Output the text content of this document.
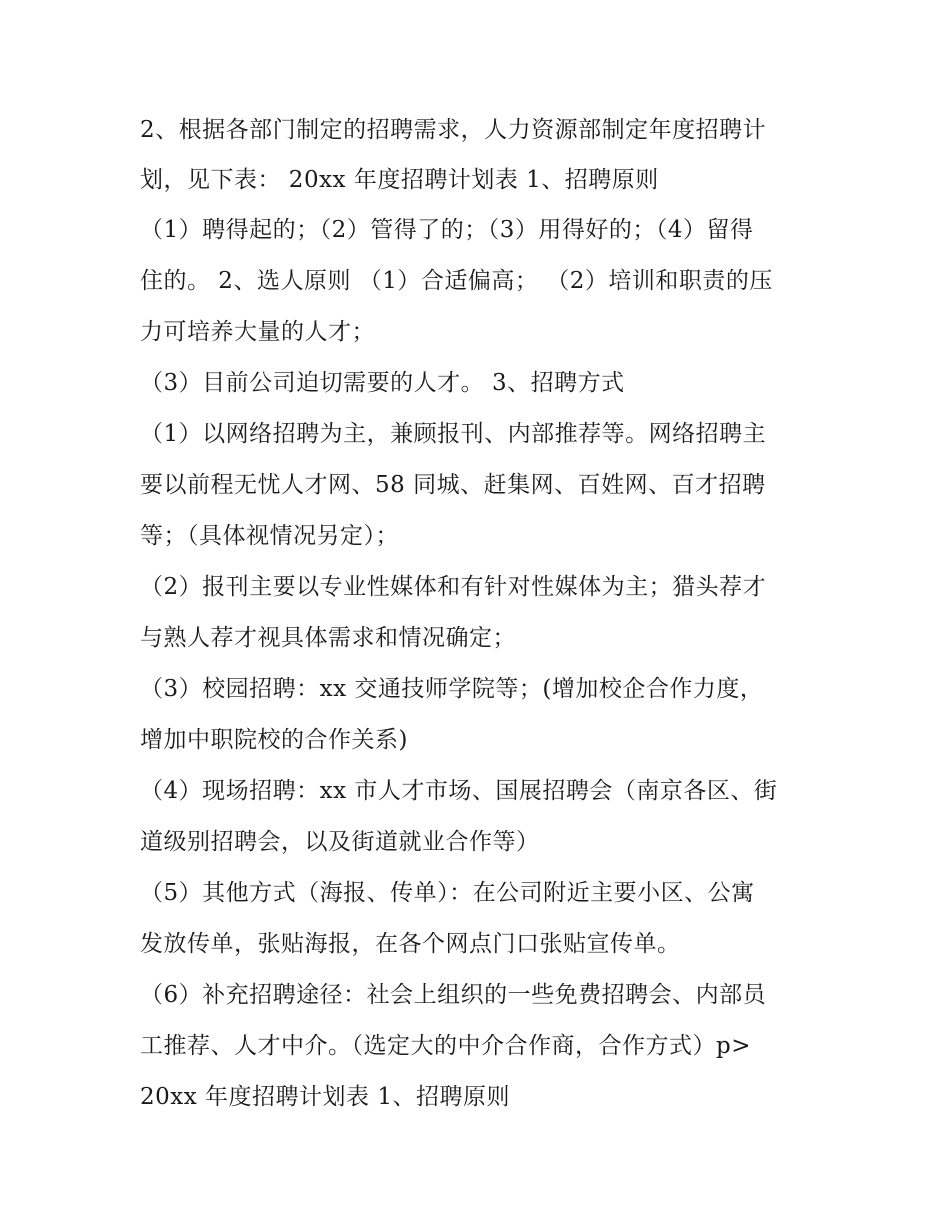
2、根据各部门制定的招聘需求，人力资源部制定年度招聘计
划，见下表： 20xx 年度招聘计划表 1、招聘原则
（1）聘得起的；（2）管得了的；（3）用得好的；（4）留得
住的。 2、选人原则 （1）合适偏高； （2）培训和职责的压
力可培养大量的人才；
（3）目前公司迫切需要的人才。 3、招聘方式
（1）以网络招聘为主，兼顾报刊、内部推荐等。网络招聘主
要以前程无忧人才网、58 同城、赶集网、百姓网、百才招聘
等；（具体视情况另定）；
（2）报刊主要以专业性媒体和有针对性媒体为主；猎头荐才
与熟人荐才视具体需求和情况确定；
（3）校园招聘：xx 交通技师学院等；(增加校企合作力度，
增加中职院校的合作关系)
（4）现场招聘：xx 市人才市场、国展招聘会（南京各区、街
道级别招聘会，以及街道就业合作等）
（5）其他方式（海报、传单）：在公司附近主要小区、公寓
发放传单，张贴海报，在各个网点门口张贴宣传单。
（6）补充招聘途径：社会上组织的一些免费招聘会、内部员
工推荐、人才中介。（选定大的中介合作商，合作方式）p>
20xx 年度招聘计划表 1、招聘原则
